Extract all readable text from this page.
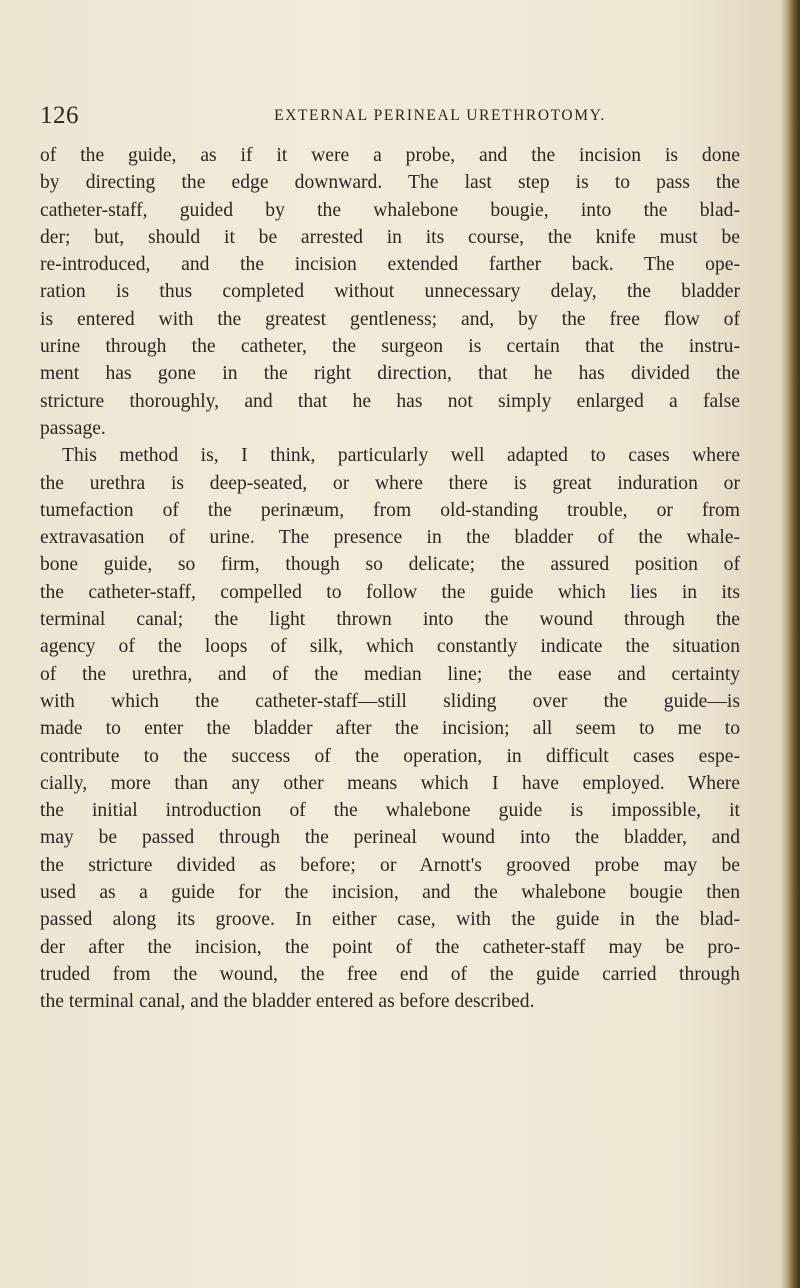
126	EXTERNAL PERINEAL URETHROTOMY.
of the guide, as if it were a probe, and the incision is done
by directing the edge downward. The last step is to pass the
catheter-staff, guided by the whalebone bougie, into the blad-
der; but, should it be arrested in its course, the knife must be
re-introduced, and the incision extended farther back. The ope-
ration is thus completed without unnecessary delay, the bladder
is entered with the greatest gentleness; and, by the free flow of
urine through the catheter, the surgeon is certain that the instru-
ment has gone in the right direction, that he has divided the
stricture thoroughly, and that he has not simply enlarged a false
passage.
This method is, I think, particularly well adapted to cases where
the urethra is deep-seated, or where there is great induration or
tumefaction of the perinæum, from old-standing trouble, or from
extravasation of urine. The presence in the bladder of the whale-
bone guide, so firm, though so delicate; the assured position of
the catheter-staff, compelled to follow the guide which lies in its
terminal canal; the light thrown into the wound through the
agency of the loops of silk, which constantly indicate the situation
of the urethra, and of the median line; the ease and certainty
with which the catheter-staff—still sliding over the guide—is
made to enter the bladder after the incision; all seem to me to
contribute to the success of the operation, in difficult cases espe-
cially, more than any other means which I have employed. Where
the initial introduction of the whalebone guide is impossible, it
may be passed through the perineal wound into the bladder, and
the stricture divided as before; or Arnott's grooved probe may be
used as a guide for the incision, and the whalebone bougie then
passed along its groove. In either case, with the guide in the blad-
der after the incision, the point of the catheter-staff may be pro-
truded from the wound, the free end of the guide carried through
the terminal canal, and the bladder entered as before described.
